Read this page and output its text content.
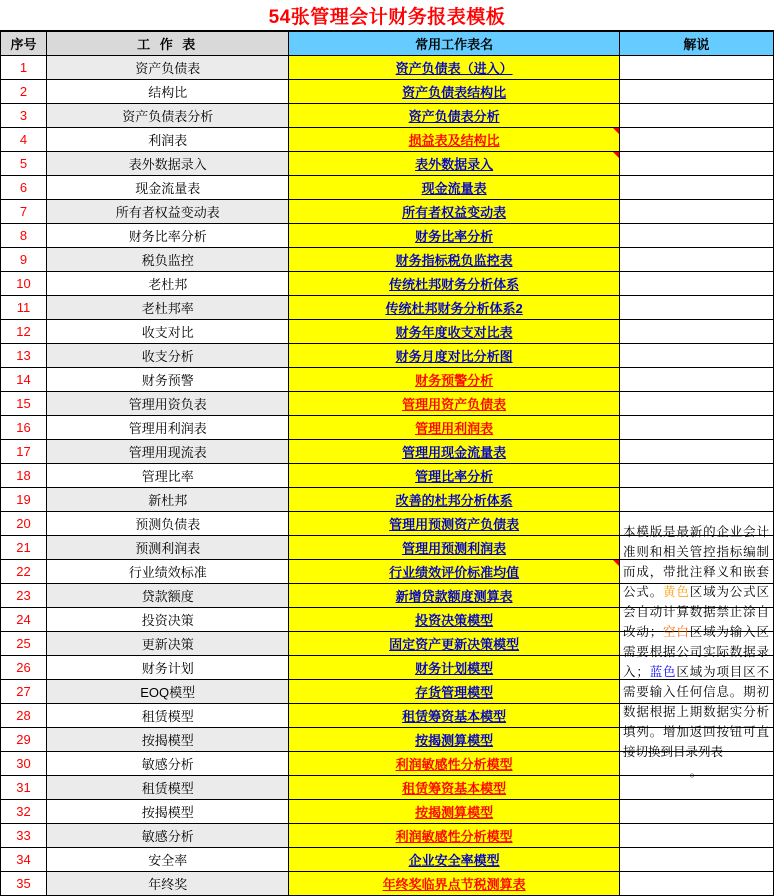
54张管理会计财务报表模板
序号	工 作 表	常用工作表名	解说
1	资产负债表	资产负债表（进入）	
2	结构比	资产负债表结构比	
3	资产负债表分析	资产负债表分析	
4	利润表	损益表及结构比

5	表外数据录入	表外数据录入

6	现金流量表	现金流量表	
7	所有者权益变动表	所有者权益变动表	
8	财务比率分析	财务比率分析	
9	税负监控	财务指标税负监控表	
10	老杜邦	传统杜邦财务分析体系	
11	老杜邦率	传统杜邦财务分析体系2	
12	收支对比	财务年度收支对比表	
13	收支分析	财务月度对比分析图	
14	财务预警	财务预警分析	
15	管理用资负表	管理用资产负债表	
16	管理用利润表	管理用利润表	
17	管理用现流表	管理用现金流量表	
18	管理比率	管理比率分析	
19	新杜邦	改善的杜邦分析体系	
20	预测负债表	管理用预测资产负债表	
21	预测利润表	管理用预测利润表	
22	行业绩效标准	行业绩效评价标准均值

23	贷款额度	新增贷款额度测算表	
24	投资决策	投资决策模型	
25	更新决策	固定资产更新决策模型	
26	财务计划	财务计划模型	
27	EOQ模型	存货管理模型	
28	租赁模型	租赁筹资基本模型	
29	按揭模型	按揭测算模型	
30	敏感分析	利润敏感性分析模型	
31	租赁模型	租赁筹资基本模型	
32	按揭模型	按揭测算模型	
33	敏感分析	利润敏感性分析模型	
34	安全率	企业安全率模型	
35	年终奖	年终奖临界点节税测算表	
本模版是最新的企业会计准则和相关管控指标编制而成，带批注释义和嵌套公式。黄色区域为公式区会自动计算数据禁止涂自改动；空白区域为输入区需要根据公司实际数据录入；蓝色区域为项目区不需要输入任何信息。期初数据根据上期数据实分析填列。增加返回按钮可直接切换到目录列表
。
